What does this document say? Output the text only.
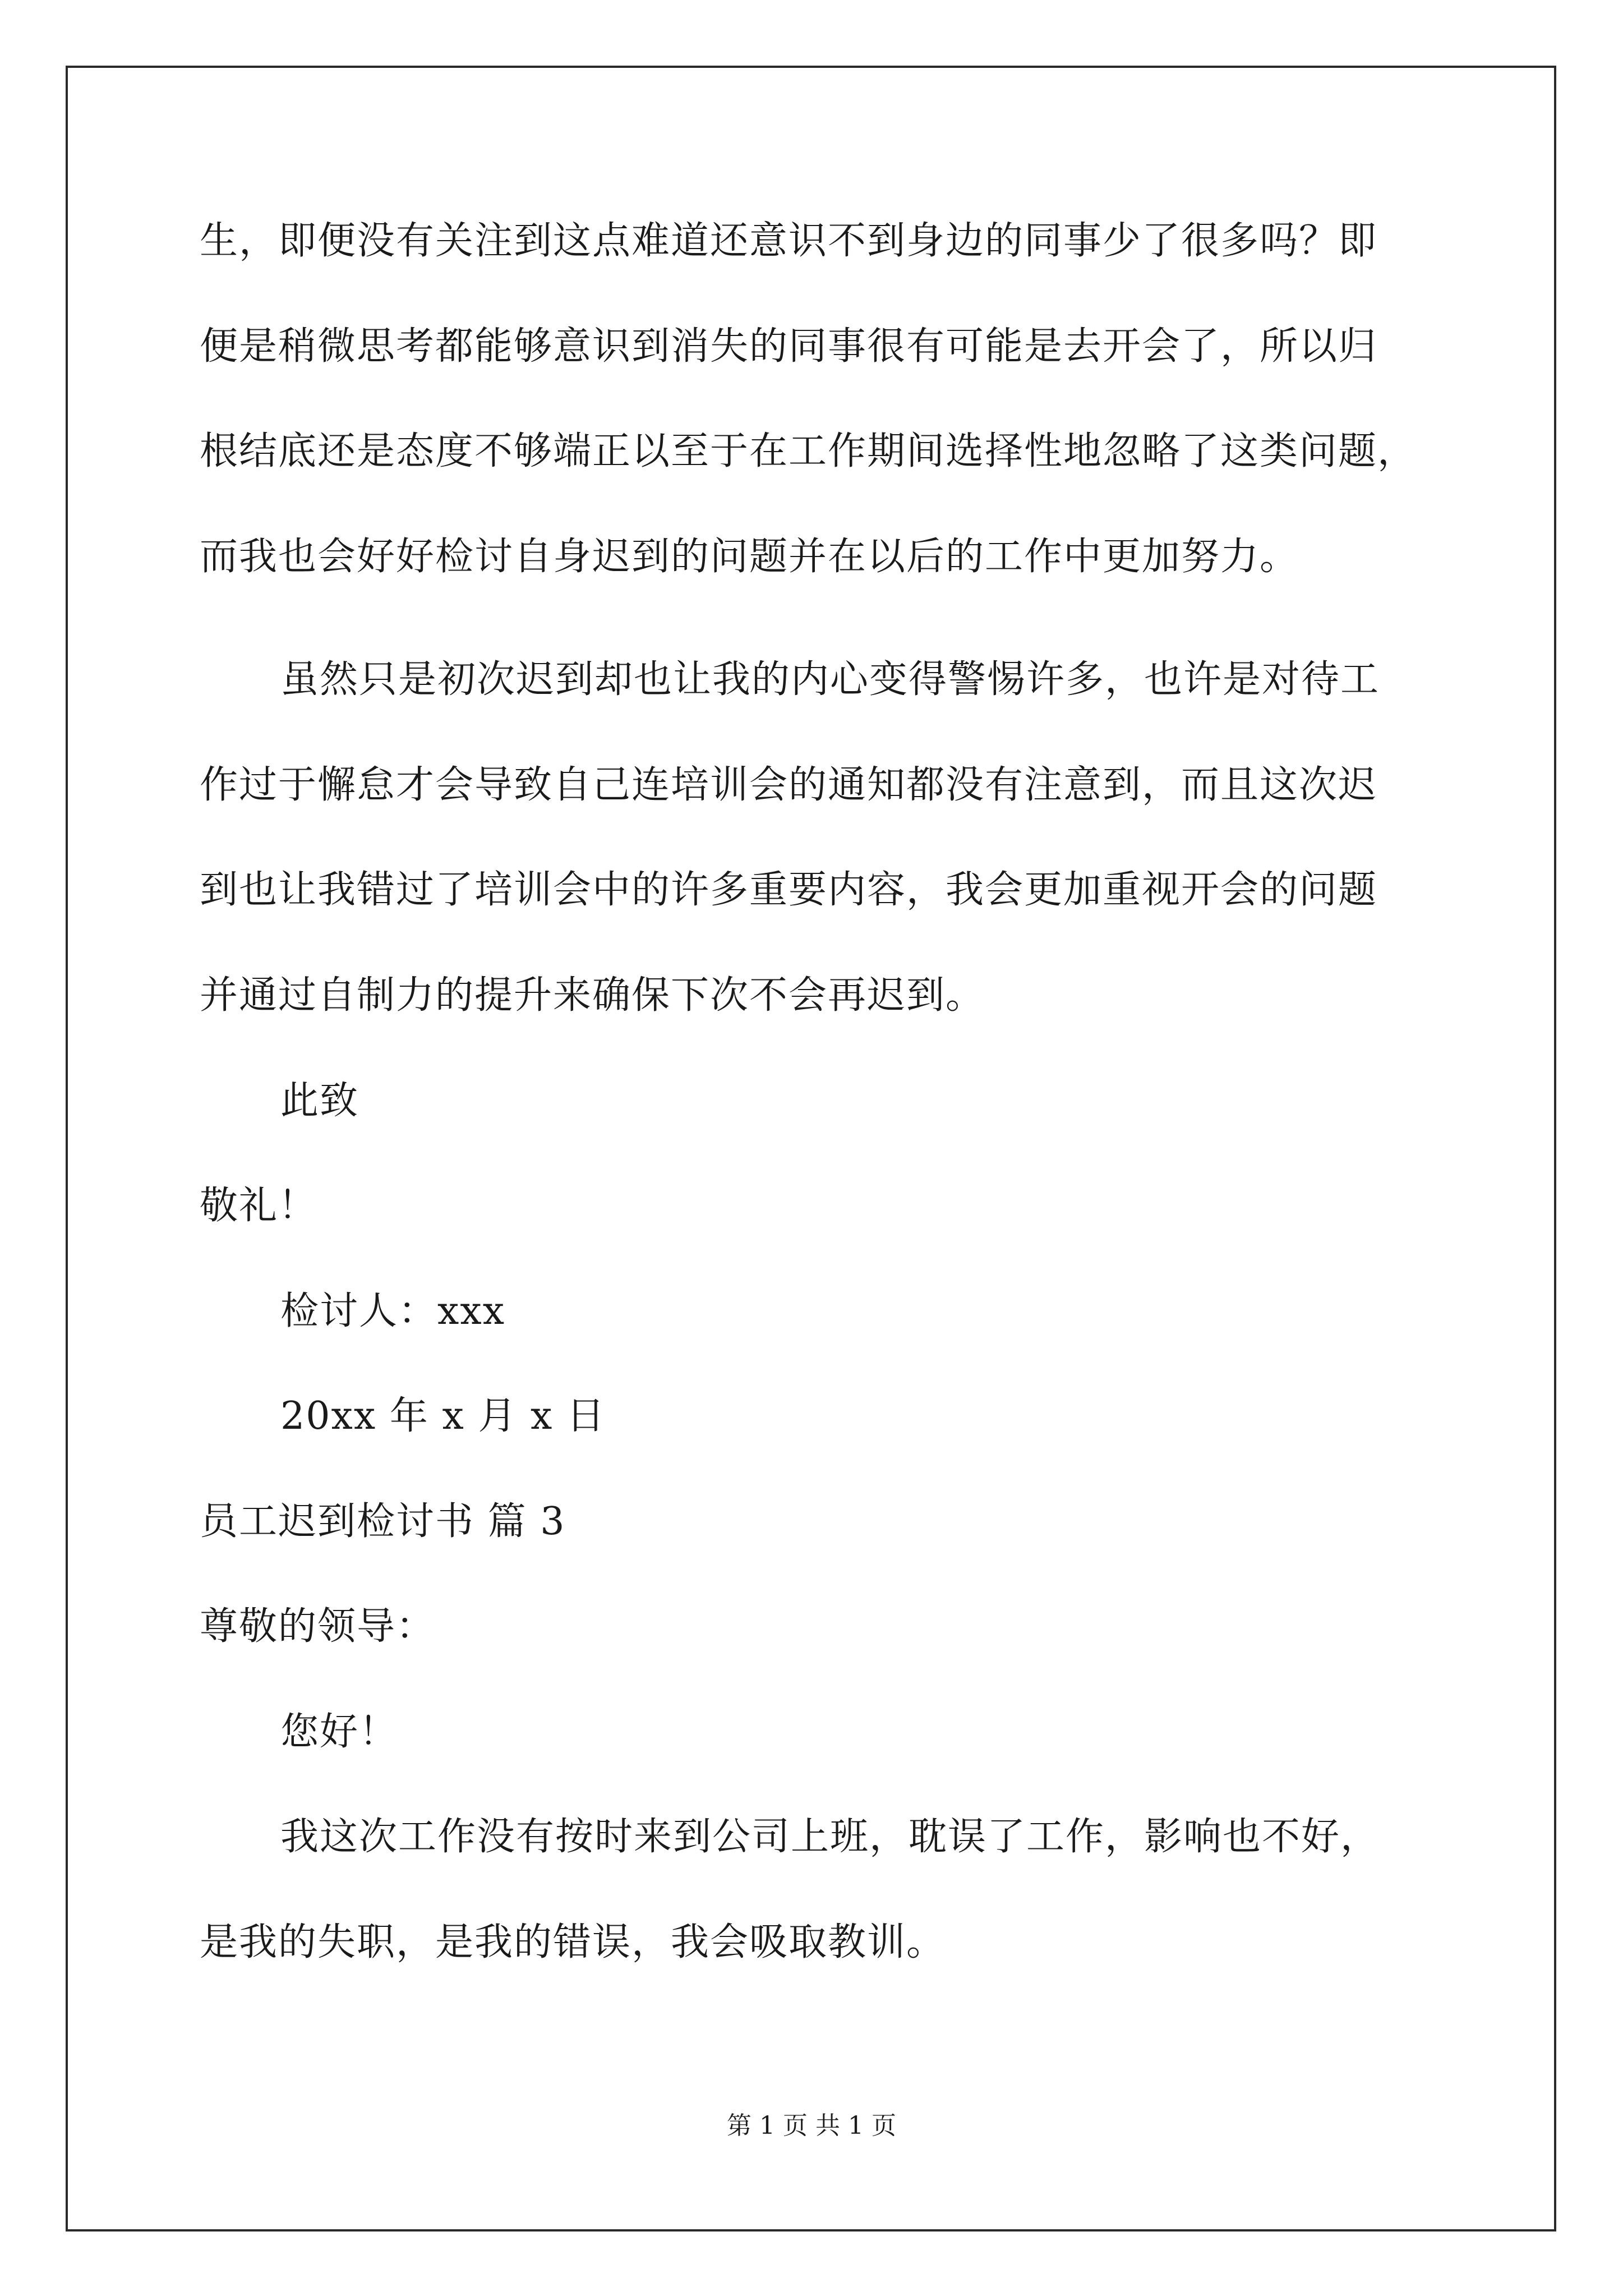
生，即便没有关注到这点难道还意识不到身边的同事少了很多吗？即
便是稍微思考都能够意识到消失的同事很有可能是去开会了，所以归
根结底还是态度不够端正以至于在工作期间选择性地忽略了这类问题，
而我也会好好检讨自身迟到的问题并在以后的工作中更加努力。
虽然只是初次迟到却也让我的内心变得警惕许多，也许是对待工
作过于懈怠才会导致自己连培训会的通知都没有注意到，而且这次迟
到也让我错过了培训会中的许多重要内容，我会更加重视开会的问题
并通过自制力的提升来确保下次不会再迟到。
此致
敬礼！
检讨人：xxx
20xx 年 x 月 x 日
员工迟到检讨书 篇 3
尊敬的领导：
您好！
我这次工作没有按时来到公司上班，耽误了工作，影响也不好，
是我的失职，是我的错误，我会吸取教训。
第 1 页 共 1 页
